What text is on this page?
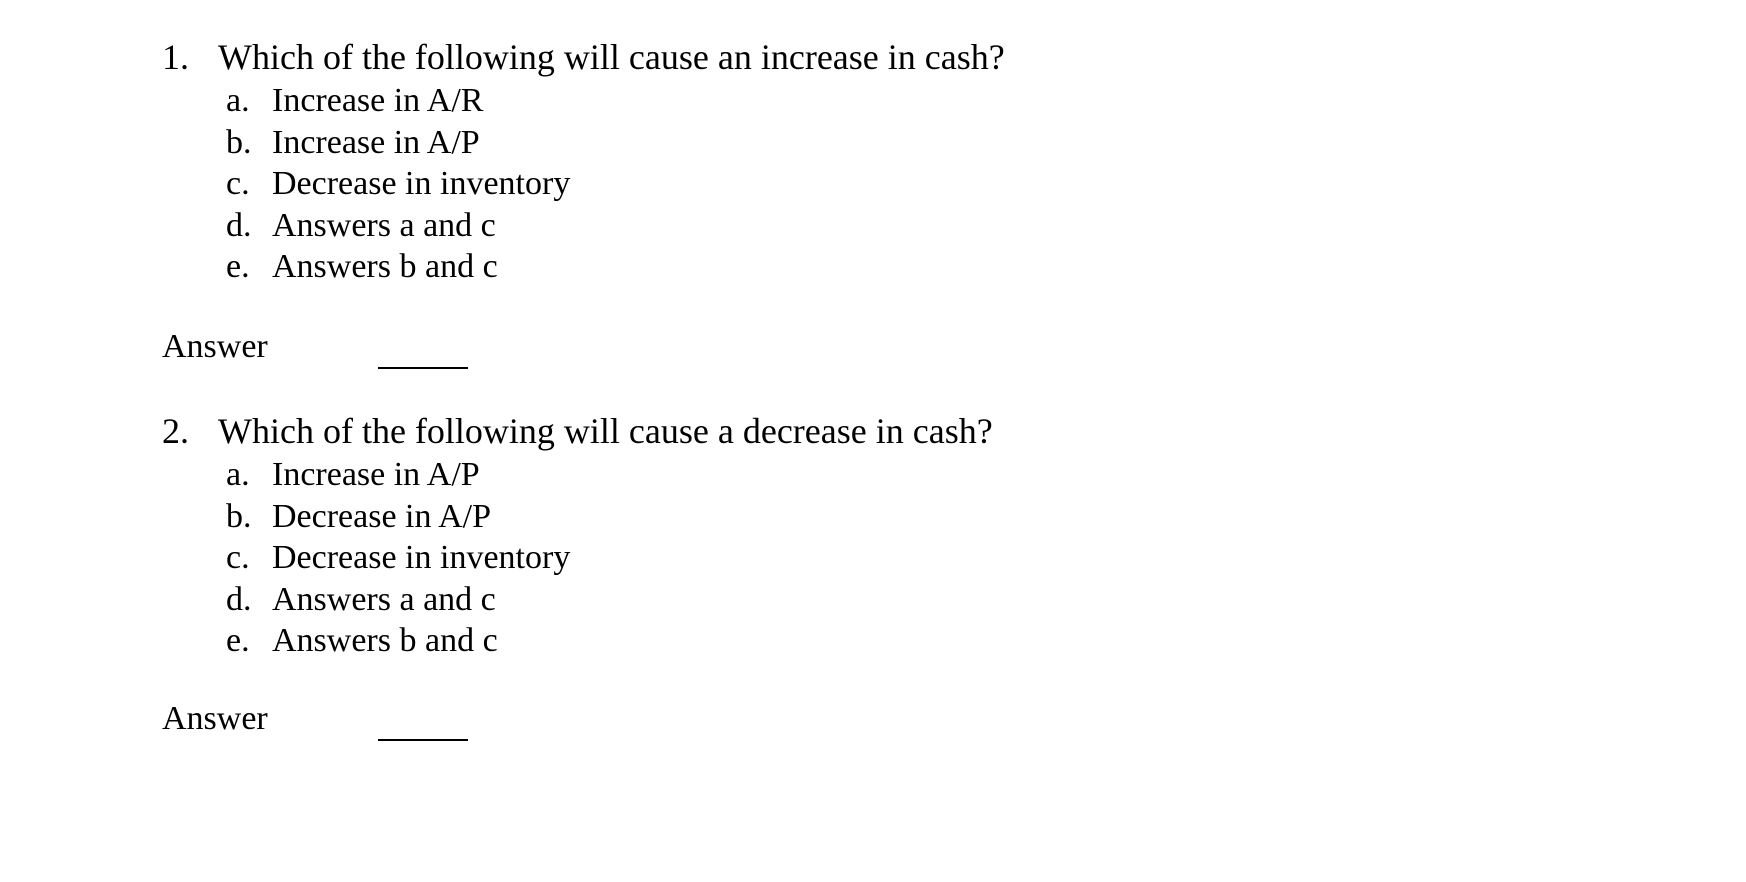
1. Which of the following will cause an increase in cash?
a. Increase in A/R
b. Increase in A/P
c. Decrease in inventory
d. Answers a and c
e. Answers b and c
Answer
2. Which of the following will cause a decrease in cash?
a. Increase in A/P
b. Decrease in A/P
c. Decrease in inventory
d. Answers a and c
e. Answers b and c
Answer
